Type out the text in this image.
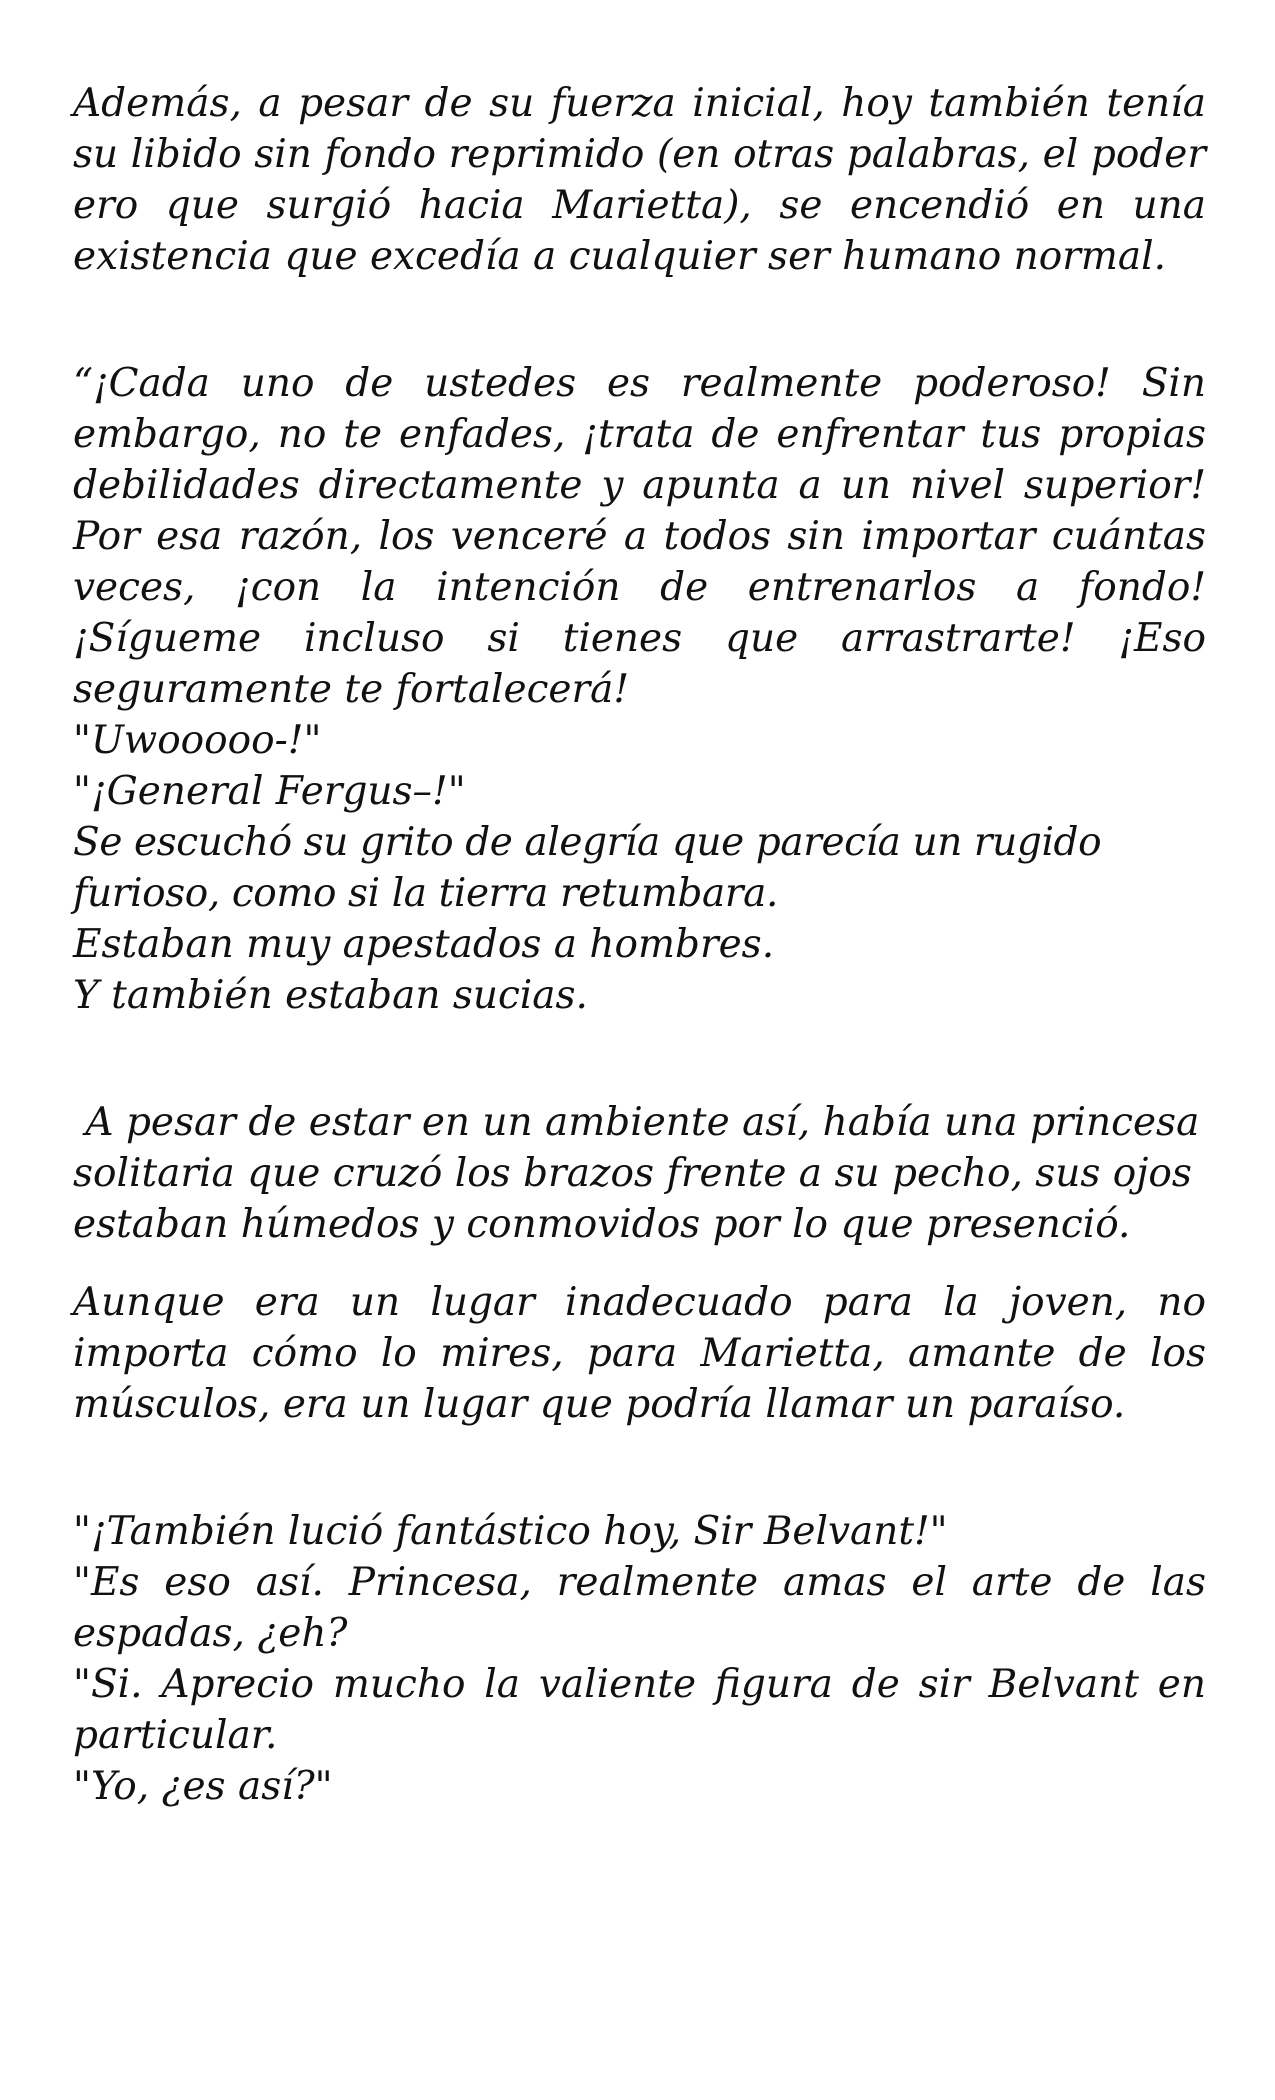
Además, a pesar de su fuerza inicial, hoy también tenía su libido sin fondo reprimido (en otras palabras, el poder ero que surgió hacia Marietta), se encendió en una existencia que excedía a cualquier ser humano normal.

“¡Cada uno de ustedes es realmente poderoso! Sin embargo, no te enfades, ¡trata de enfrentar tus propias debilidades directamente y apunta a un nivel superior! Por esa razón, los venceré a todos sin importar cuántas veces, ¡con la intención de entrenarlos a fondo! ¡Sígueme incluso si tienes que arrastrarte! ¡Eso seguramente te fortalecerá!

"Uwooooo-!"

"¡General Fergus–!"

Se escuchó su grito de alegría que parecía un rugido furioso, como si la tierra retumbara.

Estaban muy apestados a hombres.

Y también estaban sucias.

A pesar de estar en un ambiente así, había una princesa solitaria que cruzó los brazos frente a su pecho, sus ojos estaban húmedos y conmovidos por lo que presenció.

Aunque era un lugar inadecuado para la joven, no importa cómo lo mires, para Marietta, amante de los músculos, era un lugar que podría llamar un paraíso.

"¡También lució fantástico hoy, Sir Belvant!"

"Es eso así. Princesa, realmente amas el arte de las espadas, ¿eh?

"Si. Aprecio mucho la valiente figura de sir Belvant en particular.

"Yo, ¿es así?"
